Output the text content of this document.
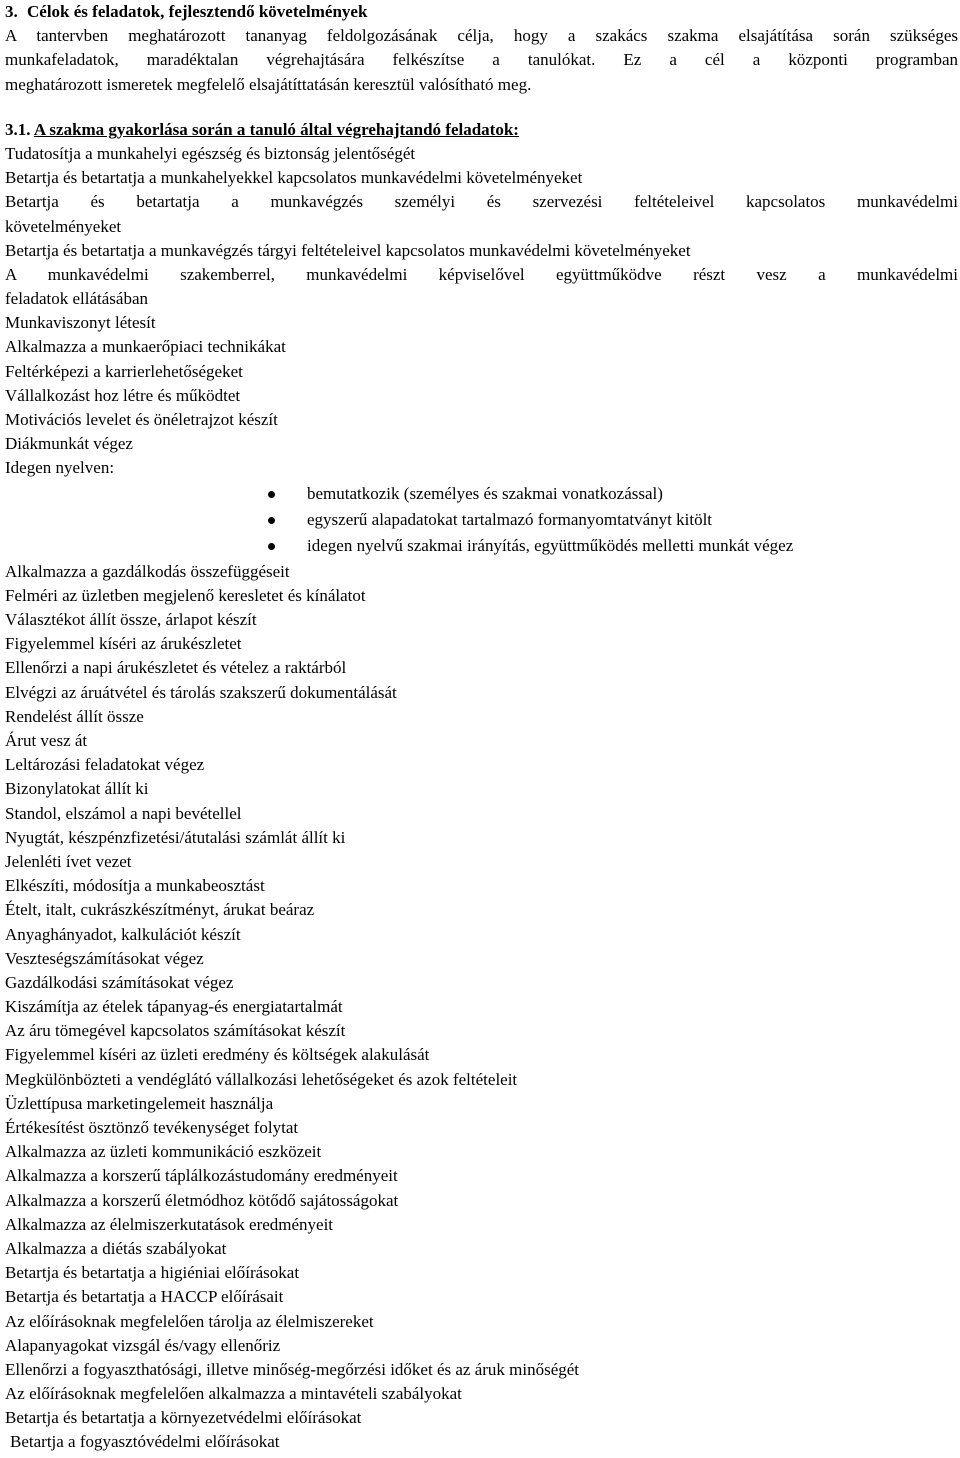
3. Célok és feladatok, fejlesztendő követelmények
A tantervben meghatározott tananyag feldolgozásának célja, hogy a szakács szakma elsajátítása során szükséges
munkafeladatok, maradéktalan végrehajtására felkészítse a tanulókat. Ez a cél a központi programban
meghatározott ismeretek megfelelő elsajátíttatásán keresztül valósítható meg.
3.1. A szakma gyakorlása során a tanuló által végrehajtandó feladatok:
Tudatosítja a munkahelyi egészség és biztonság jelentőségét
Betartja és betartatja a munkahelyekkel kapcsolatos munkavédelmi követelményeket
Betartja és betartatja a munkavégzés személyi és szervezési feltételeivel kapcsolatos munkavédelmi
követelményeket
Betartja és betartatja a munkavégzés tárgyi feltételeivel kapcsolatos munkavédelmi követelményeket
A munkavédelmi szakemberrel, munkavédelmi képviselővel együttműködve részt vesz a munkavédelmi
feladatok ellátásában
Munkaviszonyt létesít
Alkalmazza a munkaerőpiaci technikákat
Feltérképezi a karrierlehetőségeket
Vállalkozást hoz létre és működtet
Motivációs levelet és önéletrajzot készít
Diákmunkát végez
Idegen nyelven:
bemutatkozik (személyes és szakmai vonatkozással)
egyszerű alapadatokat tartalmazó formanyomtatványt kitölt
idegen nyelvű szakmai irányítás, együttműködés melletti munkát végez
Alkalmazza a gazdálkodás összefüggéseit
Felméri az üzletben megjelenő keresletet és kínálatot
Választékot állít össze, árlapot készít
Figyelemmel kíséri az árukészletet
Ellenőrzi a napi árukészletet és vételez a raktárból
Elvégzi az áruátvétel és tárolás szakszerű dokumentálását
Rendelést állít össze
Árut vesz át
Leltározási feladatokat végez
Bizonylatokat állít ki
Standol, elszámol a napi bevétellel
Nyugtát, készpénzfizetési/átutalási számlát állít ki
Jelenléti ívet vezet
Elkészíti, módosítja a munkabeosztást
Ételt, italt, cukrászkészítményt, árukat beáraz
Anyaghányadot, kalkulációt készít
Veszteségszámításokat végez
Gazdálkodási számításokat végez
Kiszámítja az ételek tápanyag-és energiatartalmát
Az áru tömegével kapcsolatos számításokat készít
Figyelemmel kíséri az üzleti eredmény és költségek alakulását
Megkülönbözteti a vendéglátó vállalkozási lehetőségeket és azok feltételeit
Üzlettípusa marketingelemeit használja
Értékesítést ösztönző tevékenységet folytat
Alkalmazza az üzleti kommunikáció eszközeit
Alkalmazza a korszerű táplálkozástudomány eredményeit
Alkalmazza a korszerű életmódhoz kötődő sajátosságokat
Alkalmazza az élelmiszerkutatások eredményeit
Alkalmazza a diétás szabályokat
Betartja és betartatja a higiéniai előírásokat
Betartja és betartatja a HACCP előírásait
Az előírásoknak megfelelően tárolja az élelmiszereket
Alapanyagokat vizsgál és/vagy ellenőriz
Ellenőrzi a fogyaszthatósági, illetve minőség-megőrzési időket és az áruk minőségét
Az előírásoknak megfelelően alkalmazza a mintavételi szabályokat
Betartja és betartatja a környezetvédelmi előírásokat
Betartja a fogyasztóvédelmi előírásokat
